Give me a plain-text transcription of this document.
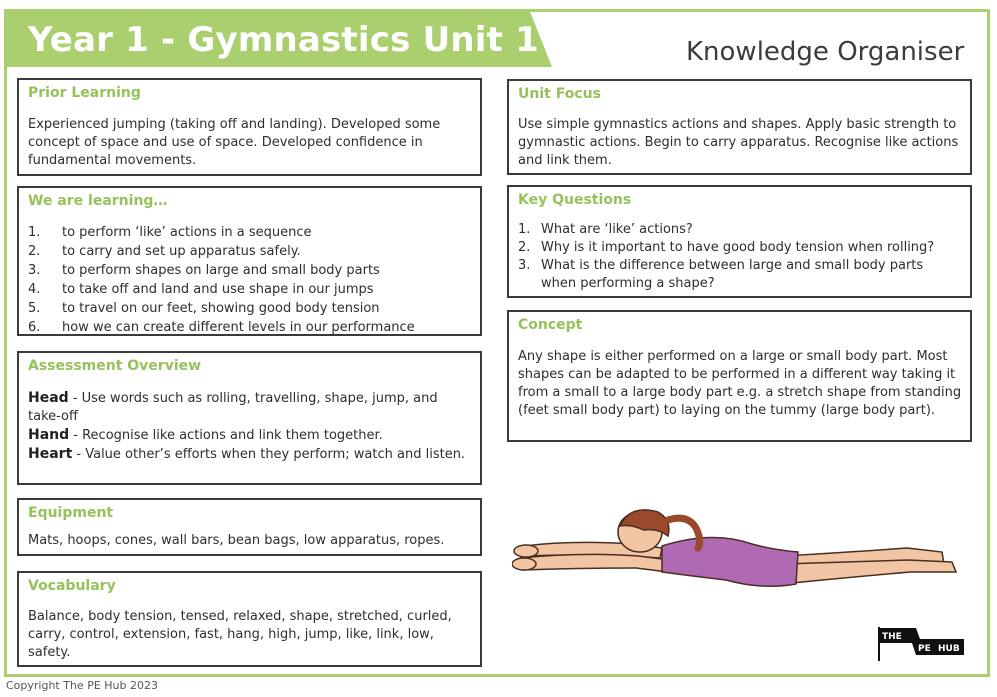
Year 1 - Gymnastics Unit 1	Knowledge Organiser
Prior Learning
Experienced jumping (taking off and landing). Developed some concept of space and use of space. Developed confidence in fundamental movements.
We are learning…
1.	to perform ‘like’ actions in a sequence
2.	to carry and set up apparatus safely.
3.	to perform shapes on large and small body parts
4.	to take off and land and use shape in our jumps
5.	to travel on our feet, showing good body tension
6.	how we can create different levels in our performance
Assessment Overview
Head - Use words such as rolling, travelling, shape, jump, and take-off
Hand - Recognise like actions and link them together.
Heart - Value other’s efforts when they perform; watch and listen.
Equipment
Mats, hoops, cones, wall bars, bean bags, low apparatus, ropes.
Vocabulary
Balance, body tension, tensed, relaxed, shape, stretched, curled, carry, control, extension, fast, hang, high, jump, like, link, low, safety.
Unit Focus
Use simple gymnastics actions and shapes. Apply basic strength to gymnastic actions. Begin to carry apparatus. Recognise like actions and link them.
Key Questions
1. What are ‘like’ actions?
2. Why is it important to have good body tension when rolling?
3. What is the difference between large and small body parts when performing a shape?
Concept
Any shape is either performed on a large or small body part. Most shapes can be adapted to be performed in a different way taking it from a small to a large body part e.g. a stretch shape from standing (feet small body part) to laying on the tummy (large body part).
THE
PE HUB
Copyright The PE Hub 2023
